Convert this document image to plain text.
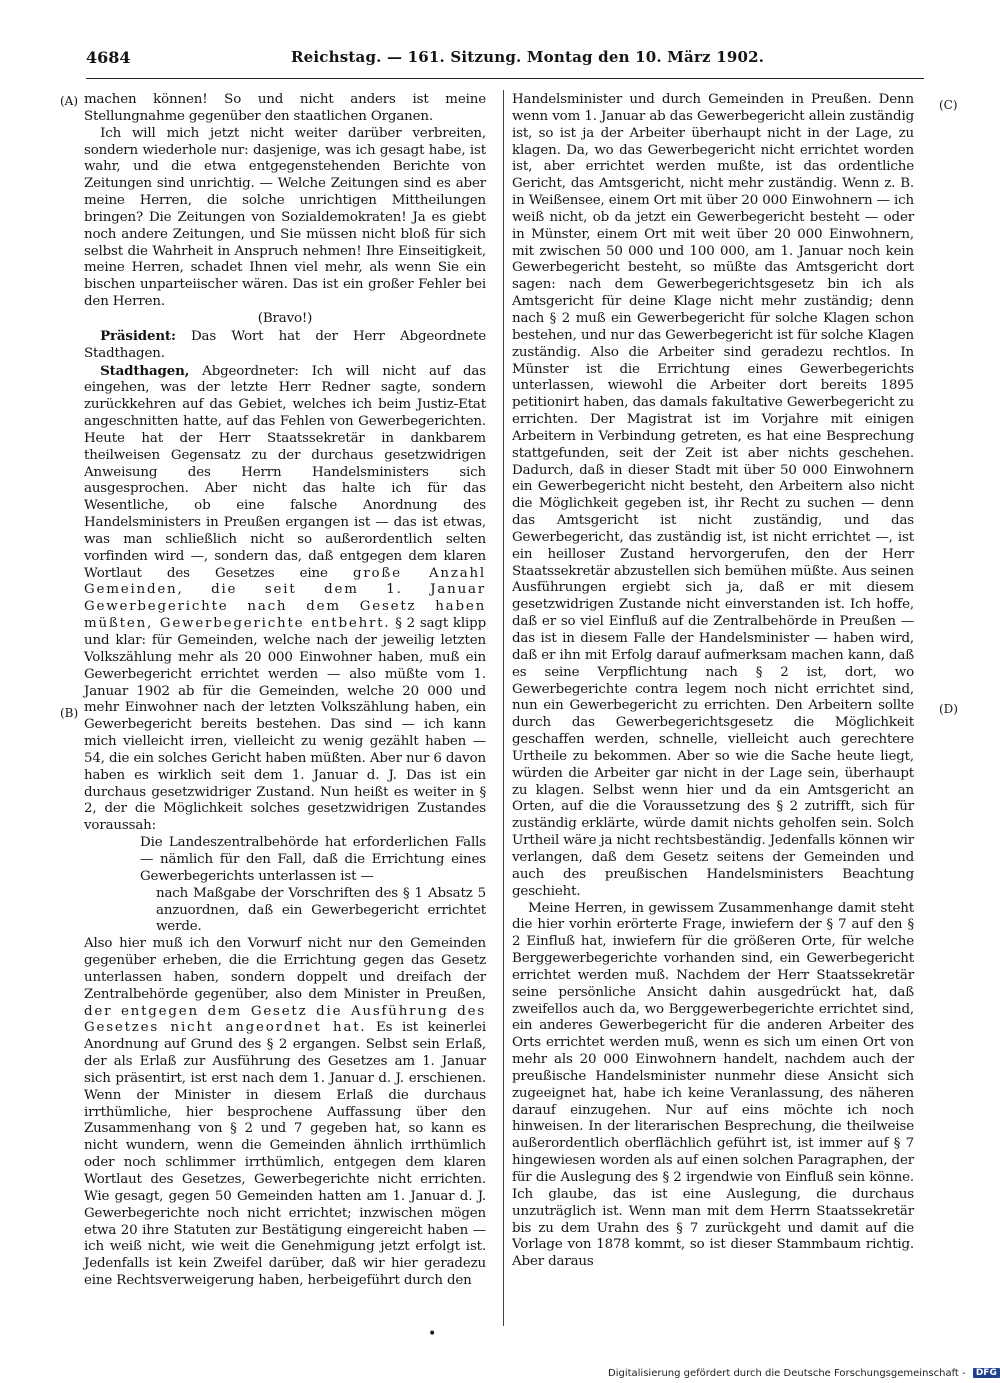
4684	Reichstag. — 161. Sitzung. Montag den 10. März 1902.
(A)
(B)
(C)
(D)

machen können! So und nicht anders ist meine Stellungnahme gegenüber den staatlichen Organen.

Ich will mich jetzt nicht weiter darüber verbreiten, sondern wiederhole nur: dasjenige, was ich gesagt habe, ist wahr, und die etwa entgegenstehenden Berichte von Zeitungen sind unrichtig. — Welche Zeitungen sind es aber meine Herren, die solche unrichtigen Mittheilungen bringen? Die Zeitungen von Sozialdemokraten! Ja es giebt noch andere Zeitungen, und Sie müssen nicht bloß für sich selbst die Wahrheit in Anspruch nehmen! Ihre Einseitigkeit, meine Herren, schadet Ihnen viel mehr, als wenn Sie ein bischen unparteiischer wären. Das ist ein großer Fehler bei den Herren.

(Bravo!)

Präsident: Das Wort hat der Herr Abgeordnete Stadthagen.

Stadthagen, Abgeordneter: Ich will nicht auf das eingehen, was der letzte Herr Redner sagte, sondern zurückkehren auf das Gebiet, welches ich beim Justiz-Etat angeschnitten hatte, auf das Fehlen von Gewerbegerichten. Heute hat der Herr Staatssekretär in dankbarem theilweisen Gegensatz zu der durchaus gesetzwidrigen Anweisung des Herrn Handelsministers sich ausgesprochen. Aber nicht das halte ich für das Wesentliche, ob eine falsche Anordnung des Handelsministers in Preußen ergangen ist — das ist etwas, was man schließlich nicht so außerordentlich selten vorfinden wird —, sondern das, daß entgegen dem klaren Wortlaut des Gesetzes eine große Anzahl Gemeinden, die seit dem 1. Januar Gewerbegerichte nach dem Gesetz haben müßten, Gewerbegerichte entbehrt. § 2 sagt klipp und klar: für Gemeinden, welche nach der jeweilig letzten Volkszählung mehr als 20 000 Einwohner haben, muß ein Gewerbegericht errichtet werden — also müßte vom 1. Januar 1902 ab für die Gemeinden, welche 20 000 und mehr Einwohner nach der letzten Volkszählung haben, ein Gewerbegericht bereits bestehen. Das sind — ich kann mich vielleicht irren, vielleicht zu wenig gezählt haben — 54, die ein solches Gericht haben müßten. Aber nur 6 davon haben es wirklich seit dem 1. Januar d. J. Das ist ein durchaus gesetzwidriger Zustand. Nun heißt es weiter in § 2, der die Möglichkeit solches gesetzwidrigen Zustandes voraussah:

Die Landeszentralbehörde hat erforderlichen Falls — nämlich für den Fall, daß die Errichtung eines Gewerbegerichts unterlassen ist —

nach Maßgabe der Vorschriften des § 1 Absatz 5 anzuordnen, daß ein Gewerbegericht errichtet werde.

Also hier muß ich den Vorwurf nicht nur den Gemeinden gegenüber erheben, die die Errichtung gegen das Gesetz unterlassen haben, sondern doppelt und dreifach der Zentralbehörde gegenüber, also dem Minister in Preußen, der entgegen dem Gesetz die Ausführung des Gesetzes nicht angeordnet hat. Es ist keinerlei Anordnung auf Grund des § 2 ergangen. Selbst sein Erlaß, der als Erlaß zur Ausführung des Gesetzes am 1. Januar sich präsentirt, ist erst nach dem 1. Januar d. J. erschienen. Wenn der Minister in diesem Erlaß die durchaus irrthümliche, hier besprochene Auffassung über den Zusammenhang von § 2 und 7 gegeben hat, so kann es nicht wundern, wenn die Gemeinden ähnlich irrthümlich oder noch schlimmer irrthümlich, entgegen dem klaren Wortlaut des Gesetzes, Gewerbegerichte nicht errichten. Wie gesagt, gegen 50 Gemeinden hatten am 1. Januar d. J. Gewerbegerichte noch nicht errichtet; inzwischen mögen etwa 20 ihre Statuten zur Bestätigung eingereicht haben — ich weiß nicht, wie weit die Genehmigung jetzt erfolgt ist. Jedenfalls ist kein Zweifel darüber, daß wir hier geradezu eine Rechtsverweigerung haben, herbeigeführt durch den

Handelsminister und durch Gemeinden in Preußen. Denn wenn vom 1. Januar ab das Gewerbegericht allein zuständig ist, so ist ja der Arbeiter überhaupt nicht in der Lage, zu klagen. Da, wo das Gewerbegericht nicht errichtet worden ist, aber errichtet werden mußte, ist das ordentliche Gericht, das Amtsgericht, nicht mehr zuständig. Wenn z. B. in Weißensee, einem Ort mit über 20 000 Einwohnern — ich weiß nicht, ob da jetzt ein Gewerbegericht besteht — oder in Münster, einem Ort mit weit über 20 000 Einwohnern, mit zwischen 50 000 und 100 000, am 1. Januar noch kein Gewerbegericht besteht, so müßte das Amtsgericht dort sagen: nach dem Gewerbegerichtsgesetz bin ich als Amtsgericht für deine Klage nicht mehr zuständig; denn nach § 2 muß ein Gewerbegericht für solche Klagen schon bestehen, und nur das Gewerbegericht ist für solche Klagen zuständig. Also die Arbeiter sind geradezu rechtlos. In Münster ist die Errichtung eines Gewerbegerichts unterlassen, wiewohl die Arbeiter dort bereits 1895 petitionirt haben, das damals fakultative Gewerbegericht zu errichten. Der Magistrat ist im Vorjahre mit einigen Arbeitern in Verbindung getreten, es hat eine Besprechung stattgefunden, seit der Zeit ist aber nichts geschehen. Dadurch, daß in dieser Stadt mit über 50 000 Einwohnern ein Gewerbegericht nicht besteht, den Arbeitern also nicht die Möglichkeit gegeben ist, ihr Recht zu suchen — denn das Amtsgericht ist nicht zuständig, und das Gewerbegericht, das zuständig ist, ist nicht errichtet —, ist ein heilloser Zustand hervorgerufen, den der Herr Staatssekretär abzustellen sich bemühen müßte. Aus seinen Ausführungen ergiebt sich ja, daß er mit diesem gesetzwidrigen Zustande nicht einverstanden ist. Ich hoffe, daß er so viel Einfluß auf die Zentralbehörde in Preußen — das ist in diesem Falle der Handelsminister — haben wird, daß er ihn mit Erfolg darauf aufmerksam machen kann, daß es seine Verpflichtung nach § 2 ist, dort, wo Gewerbegerichte contra legem noch nicht errichtet sind, nun ein Gewerbegericht zu errichten. Den Arbeitern sollte durch das Gewerbegerichtsgesetz die Möglichkeit geschaffen werden, schnelle, vielleicht auch gerechtere Urtheile zu bekommen. Aber so wie die Sache heute liegt, würden die Arbeiter gar nicht in der Lage sein, überhaupt zu klagen. Selbst wenn hier und da ein Amtsgericht an Orten, auf die die Voraussetzung des § 2 zutrifft, sich für zuständig erklärte, würde damit nichts geholfen sein. Solch Urtheil wäre ja nicht rechtsbeständig. Jedenfalls können wir verlangen, daß dem Gesetz seitens der Gemeinden und auch des preußischen Handelsministers Beachtung geschieht.

Meine Herren, in gewissem Zusammenhange damit steht die hier vorhin erörterte Frage, inwiefern der § 7 auf den § 2 Einfluß hat, inwiefern für die größeren Orte, für welche Berggewerbegerichte vorhanden sind, ein Gewerbegericht errichtet werden muß. Nachdem der Herr Staatssekretär seine persönliche Ansicht dahin ausgedrückt hat, daß zweifellos auch da, wo Berggewerbegerichte errichtet sind, ein anderes Gewerbegericht für die anderen Arbeiter des Orts errichtet werden muß, wenn es sich um einen Ort von mehr als 20 000 Einwohnern handelt, nachdem auch der preußische Handelsminister nunmehr diese Ansicht sich zugeeignet hat, habe ich keine Veranlassung, des näheren darauf einzugehen. Nur auf eins möchte ich noch hinweisen. In der literarischen Besprechung, die theilweise außerordentlich oberflächlich geführt ist, ist immer auf § 7 hingewiesen worden als auf einen solchen Paragraphen, der für die Auslegung des § 2 irgendwie von Einfluß sein könne. Ich glaube, das ist eine Auslegung, die durchaus unzuträglich ist. Wenn man mit dem Herrn Staatssekretär bis zu dem Urahn des § 7 zurückgeht und damit auf die Vorlage von 1878 kommt, so ist dieser Stammbaum richtig. Aber daraus

•
Digitalisierung gefördert durch die Deutsche Forschungsgemeinschaft - DFG
